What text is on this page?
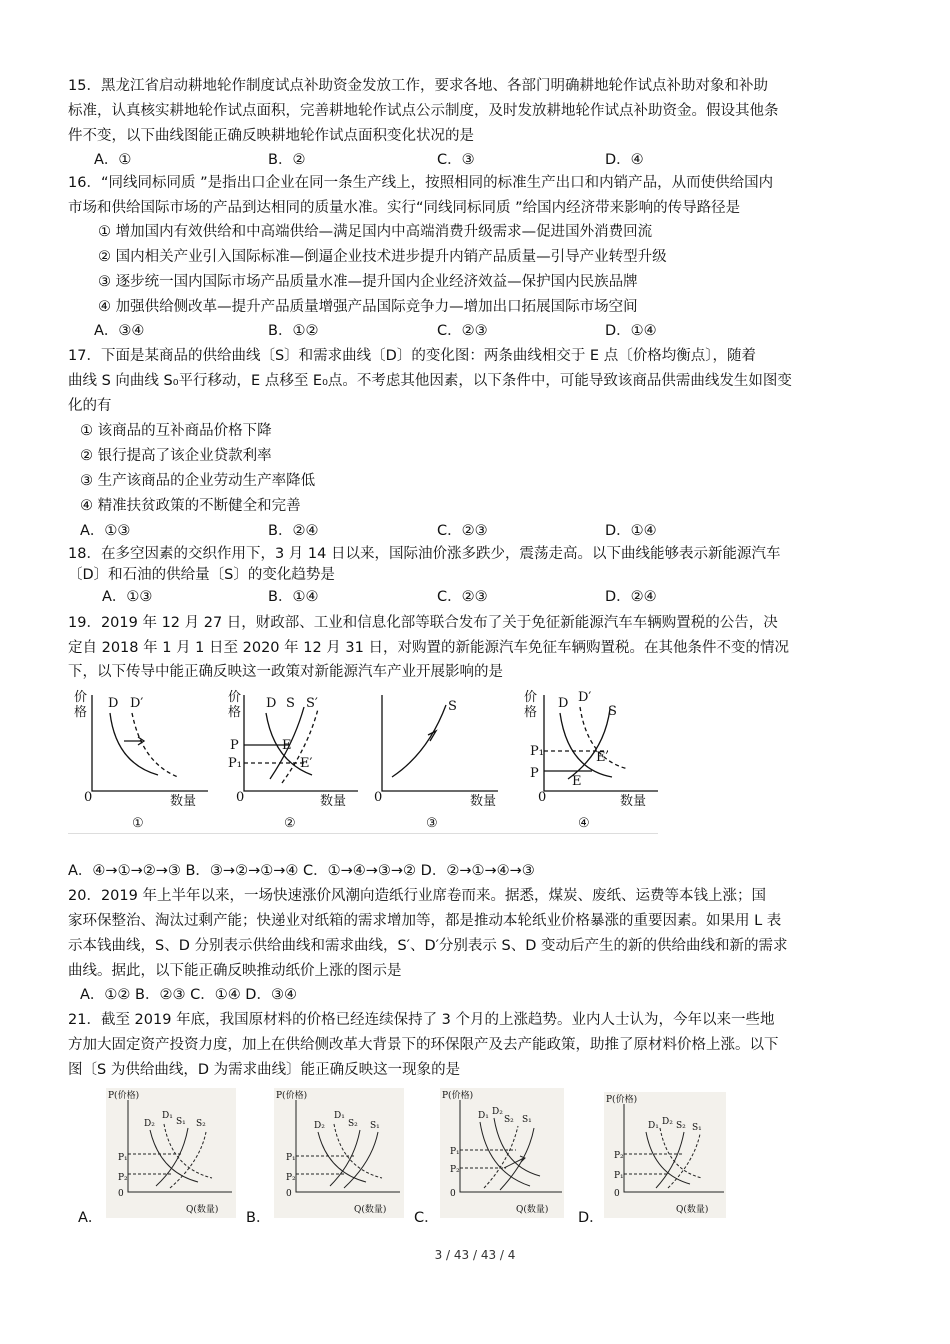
15．黑龙江省启动耕地轮作制度试点补助资金发放工作，要求各地、各部门明确耕地轮作试点补助对象和补助
标准，认真核实耕地轮作试点面积，完善耕地轮作试点公示制度，及时发放耕地轮作试点补助资金。假设其他条
件不变，以下曲线图能正确反映耕地轮作试点面积变化状况的是
A．①	B．②	C．③	D．④
16．“同线同标同质 ”是指出口企业在同一条生产线上，按照相同的标准生产出口和内销产品，从而使供给国内
市场和供给国际市场的产品到达相同的质量水准。实行“同线同标同质 ”给国内经济带来影响的传导路径是
① 增加国内有效供给和中高端供给—满足国内中高端消费升级需求—促进国外消费回流
② 国内相关产业引入国际标准—倒逼企业技术进步提升内销产品质量—引导产业转型升级
③ 逐步统一国内国际市场产品质量水准—提升国内企业经济效益—保护国内民族品牌
④ 加强供给侧改革—提升产品质量增强产品国际竞争力—增加出口拓展国际市场空间
A．③④	B．①②	C．②③	D．①④
17．下面是某商品的供给曲线〔S〕和需求曲线〔D〕的变化图：两条曲线相交于 E 点〔价格均衡点〕，随着
曲线 S 向曲线 S₀平行移动，E 点移至 E₀点。不考虑其他因素，以下条件中，可能导致该商品供需曲线发生如图变
化的有
① 该商品的互补商品价格下降
② 银行提高了该企业贷款利率
③ 生产该商品的企业劳动生产率降低
④ 精准扶贫政策的不断健全和完善
A．①③	B．②④	C．②③	D．①④
18．在多空因素的交织作用下，3 月 14 日以来，国际油价涨多跌少，震荡走高。以下曲线能够表示新能源汽车
〔D〕和石油的供给量〔S〕的变化趋势是
A．①③	B．①④	C．②③	D．②④
19．2019 年 12 月 27 日，财政部、工业和信息化部等联合发布了关于免征新能源汽车车辆购置税的公告，决
定自 2018 年 1 月 1 日至 2020 年 12 月 31 日，对购置的新能源汽车免征车辆购置税。在其他条件不变的情况
下，以下传导中能正确反映这一政策对新能源汽车产业开展影响的是
价
格
0	数量
D D′
①
价
格
0	数量
D S S′
P
P₁
E
E′
②
0	数量
S
③
价
格
0	数量
D D′
S
P₁
P
E
E′
④
A．④→①→②→③ B．③→②→①→④ C．①→④→③→② D．②→①→④→③
20．2019 年上半年以来，一场快速涨价风潮向造纸行业席卷而来。据悉，煤炭、废纸、运费等本钱上涨；国
家环保整治、淘汰过剩产能；快递业对纸箱的需求增加等，都是推动本轮纸业价格暴涨的重要因素。如果用 L 表
示本钱曲线，S、D 分别表示供给曲线和需求曲线，S′、D′分别表示 S、D 变动后产生的新的供给曲线和新的需求
曲线。据此，以下能正确反映推动纸价上涨的图示是
A．①② B．②③ C．①④ D．③④
21．截至 2019 年底，我国原材料的价格已经连续保持了 3 个月的上涨趋势。业内人士认为，今年以来一些地
方加大固定资产投资力度，加上在供给侧改革大背景下的环保限产及去产能政策，助推了原材料价格上涨。以下
图〔S 为供给曲线，D 为需求曲线〕能正确反映这一现象的是
A．	B．	C．	D．
P(价格)
D₂
D₁
S₁ S₂
P₁
P₂
0
Q(数量)
P(价格)
D₂
D₁
S₂ S₁
P₁
P₂
0
Q(数量)
P(价格)
D₁ D₂
S₂ S₁
P₁
P₂
0
Q(数量)
P(价格)
D₁ D₂ S₂ S₁
P₂
P₁
0
Q(数量)
3 / 43 / 43 / 4
